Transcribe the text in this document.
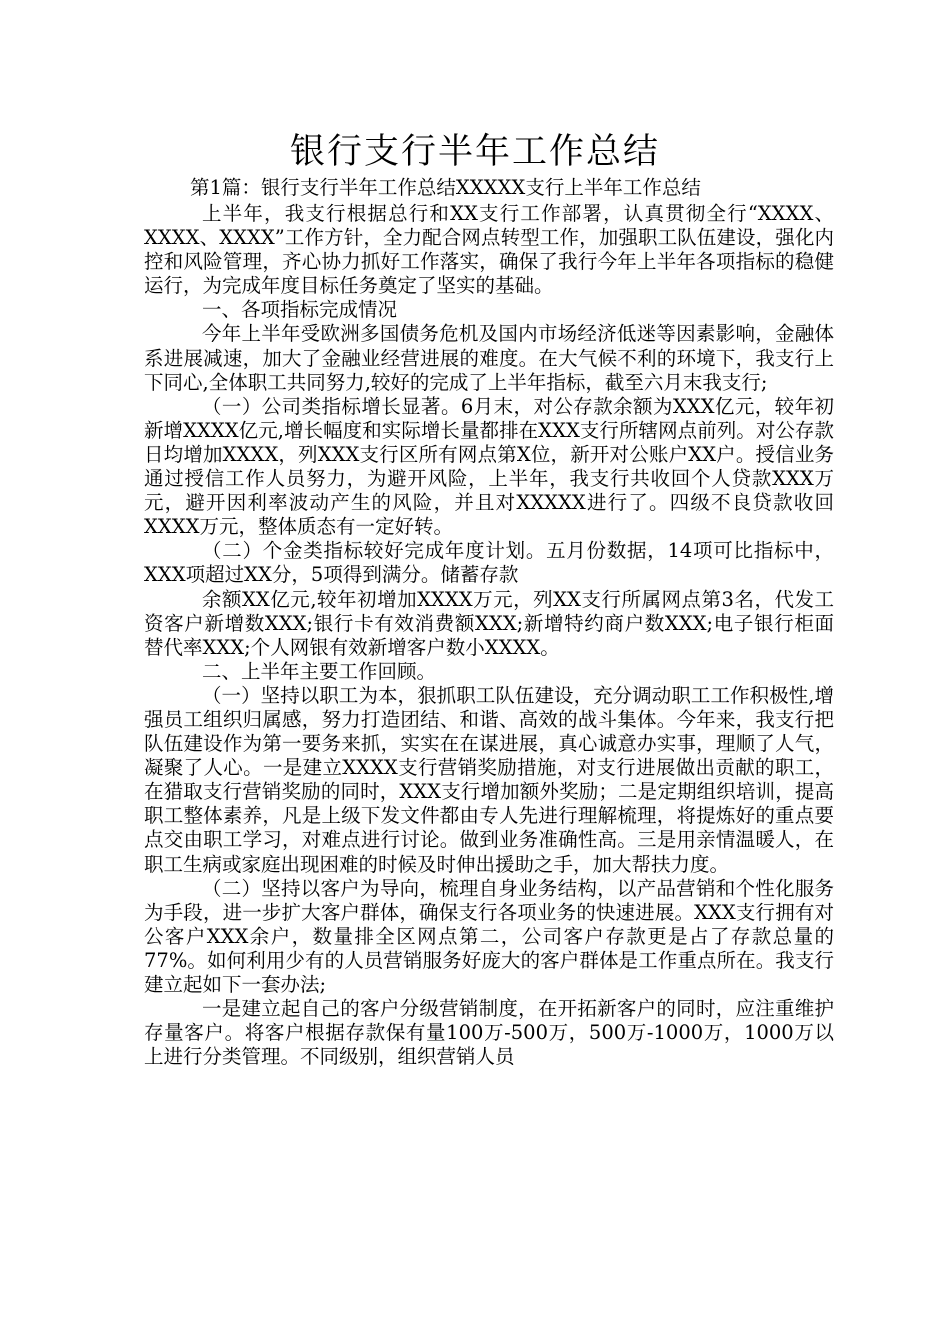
银行支行半年工作总结
第1篇：银行支行半年工作总结XXXXX支行上半年工作总结

上半年，我支行根据总行和XX支行工作部署，认真贯彻全行“XXXX、XXXX、XXXX”工作方针，全力配合网点转型工作，加强职工队伍建设，强化内控和风险管理，齐心协力抓好工作落实，确保了我行今年上半年各项指标的稳健运行，为完成年度目标任务奠定了坚实的基础。

一、各项指标完成情况

今年上半年受欧洲多国债务危机及国内市场经济低迷等因素影响，金融体系进展减速，加大了金融业经营进展的难度。在大气候不利的环境下，我支行上下同心,全体职工共同努力,较好的完成了上半年指标，截至六月末我支行;

（一）公司类指标增长显著。6月末，对公存款余额为XXX亿元，较年初新增XXXX亿元,增长幅度和实际增长量都排在XXX支行所辖网点前列。对公存款日均增加XXXX，列XXX支行区所有网点第X位，新开对公账户XX户。授信业务通过授信工作人员努力，为避开风险，上半年，我支行共收回个人贷款XXX万元，避开因利率波动产生的风险，并且对XXXXX进行了。四级不良贷款收回XXXX万元，整体质态有一定好转。

（二）个金类指标较好完成年度计划。五月份数据，14项可比指标中，XXX项超过XX分，5项得到满分。储蓄存款

余额XX亿元,较年初增加XXXX万元，列XX支行所属网点第3名，代发工资客户新增数XXX;银行卡有效消费额XXX;新增特约商户数XXX;电子银行柜面替代率XXX;个人网银有效新增客户数小XXXX。

二、上半年主要工作回顾。

（一）坚持以职工为本，狠抓职工队伍建设，充分调动职工工作积极性,增强员工组织归属感，努力打造团结、和谐、高效的战斗集体。今年来，我支行把队伍建设作为第一要务来抓，实实在在谋进展，真心诚意办实事，理顺了人气，凝聚了人心。一是建立XXXX支行营销奖励措施，对支行进展做出贡献的职工，在猎取支行营销奖励的同时，XXX支行增加额外奖励；二是定期组织培训，提高职工整体素养，凡是上级下发文件都由专人先进行理解梳理，将提炼好的重点要点交由职工学习，对难点进行讨论。做到业务准确性高。三是用亲情温暖人，在职工生病或家庭出现困难的时候及时伸出援助之手，加大帮扶力度。

（二）坚持以客户为导向，梳理自身业务结构，以产品营销和个性化服务为手段，进一步扩大客户群体，确保支行各项业务的快速进展。XXX支行拥有对公客户XXX余户，数量排全区网点第二，公司客户存款更是占了存款总量的77%。如何利用少有的人员营销服务好庞大的客户群体是工作重点所在。我支行建立起如下一套办法;

一是建立起自己的客户分级营销制度，在开拓新客户的同时，应注重维护存量客户。将客户根据存款保有量100万-500万，500万-1000万，1000万以上进行分类管理。不同级别，组织营销人员
